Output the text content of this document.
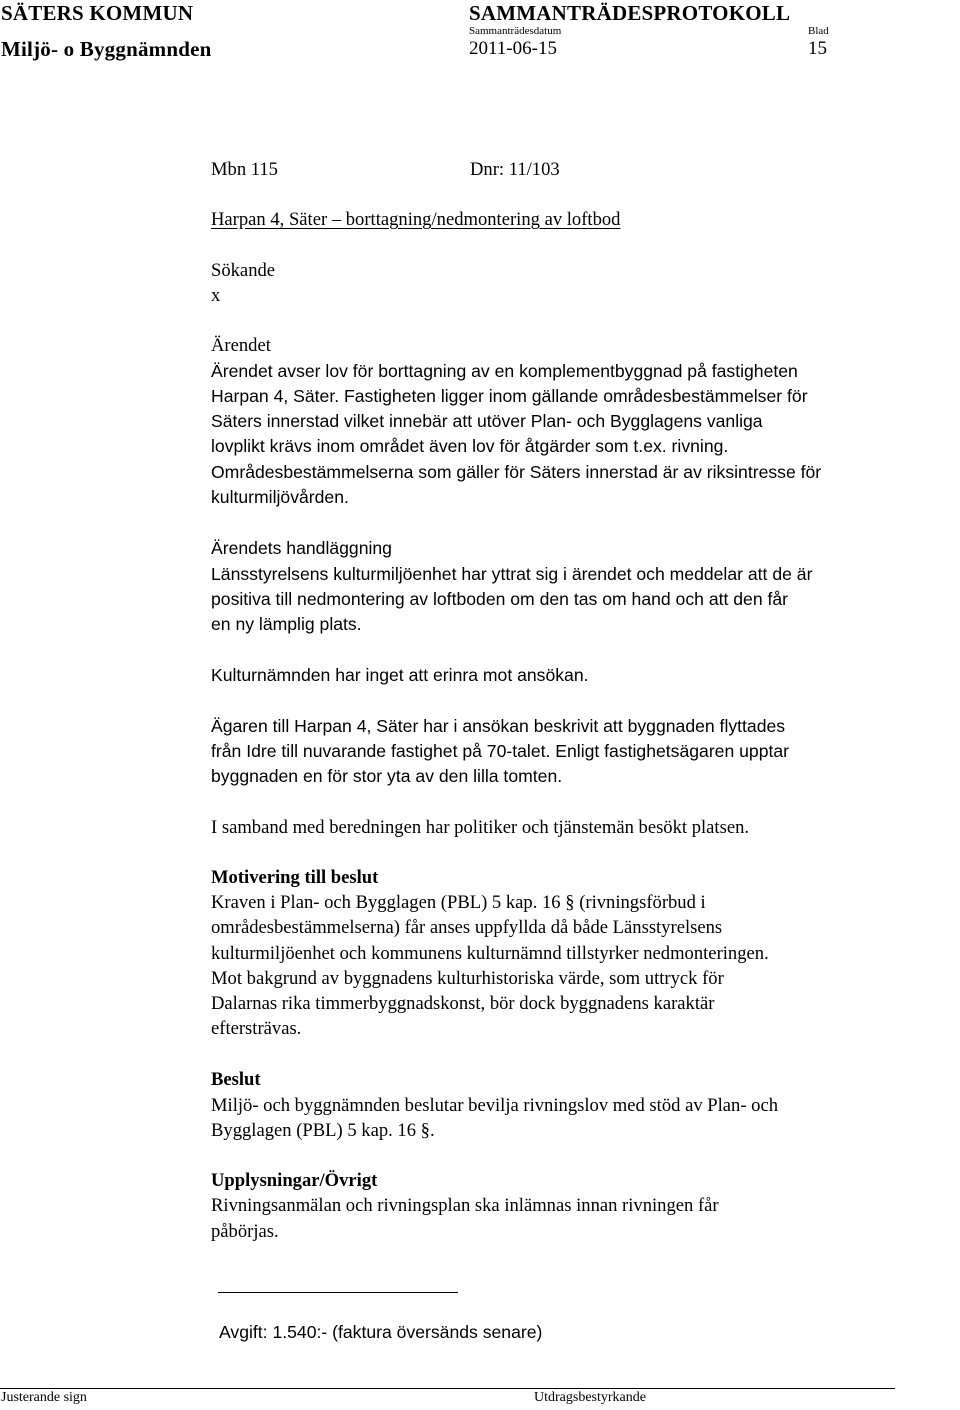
SÄTERS KOMMUN	SAMMANTRÄDESPROTOKOLL
Sammanträdesdatum	Blad
Miljö- o Byggnämnden	2011-06-15	15
Mbn 115	Dnr: 11/103
Harpan 4, Säter – borttagning/nedmontering av loftbod
Sökande
x
Ärendet
Ärendet avser lov för borttagning av en komplementbyggnad på fastigheten
Harpan 4, Säter. Fastigheten ligger inom gällande områdesbestämmelser för
Säters innerstad vilket innebär att utöver Plan- och Bygglagens vanliga
lovplikt krävs inom området även lov för åtgärder som t.ex. rivning.
Områdesbestämmelserna som gäller för Säters innerstad är av riksintresse för
kulturmiljövården.
Ärendets handläggning
Länsstyrelsens kulturmiljöenhet har yttrat sig i ärendet och meddelar att de är
positiva till nedmontering av loftboden om den tas om hand och att den får
en ny lämplig plats.
Kulturnämnden har inget att erinra mot ansökan.
Ägaren till Harpan 4, Säter har i ansökan beskrivit att byggnaden flyttades
från Idre till nuvarande fastighet på 70-talet. Enligt fastighetsägaren upptar
byggnaden en för stor yta av den lilla tomten.
I samband med beredningen har politiker och tjänstemän besökt platsen.
Motivering till beslut
Kraven i Plan- och Bygglagen (PBL) 5 kap. 16 § (rivningsförbud i
områdesbestämmelserna) får anses uppfyllda då både Länsstyrelsens
kulturmiljöenhet och kommunens kulturnämnd tillstyrker nedmonteringen.
Mot bakgrund av byggnadens kulturhistoriska värde, som uttryck för
Dalarnas rika timmerbyggnadskonst, bör dock byggnadens karaktär
eftersträvas.
Beslut
Miljö- och byggnämnden beslutar bevilja rivningslov med stöd av Plan- och
Bygglagen (PBL) 5 kap. 16 §.
Upplysningar/Övrigt
Rivningsanmälan och rivningsplan ska inlämnas innan rivningen får
påbörjas.
Avgift: 1.540:- (faktura översänds senare)
Justerande sign	Utdragsbestyrkande
